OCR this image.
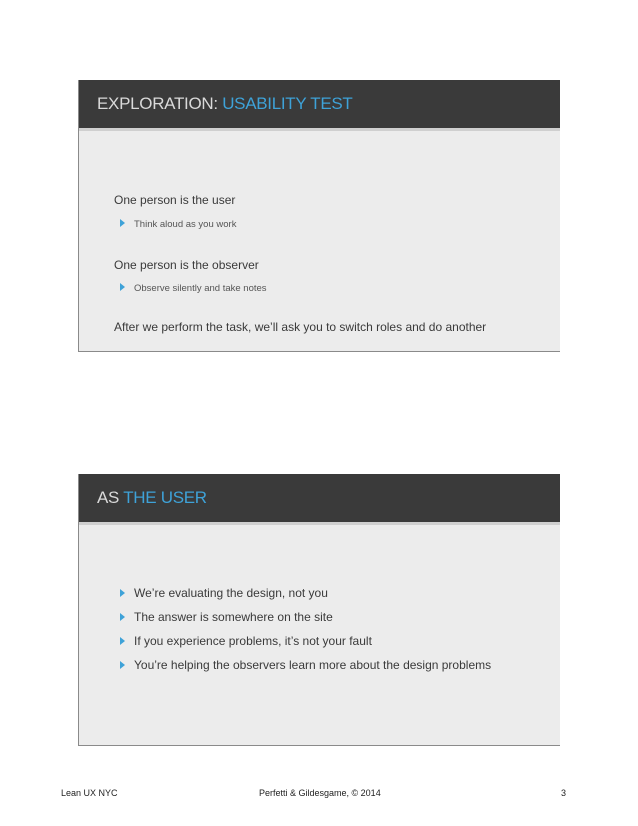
EXPLORATION: USABILITY TEST
One person is the user
Think aloud as you work
One person is the observer
Observe silently and take notes
After we perform the task, we’ll ask you to switch roles and do another
AS THE USER
We’re evaluating the design, not you
The answer is somewhere on the site
If you experience problems, it’s not your fault
You’re helping the observers learn more about the design problems
Lean UX NYC	Perfetti & Gildesgame, © 2014	3
